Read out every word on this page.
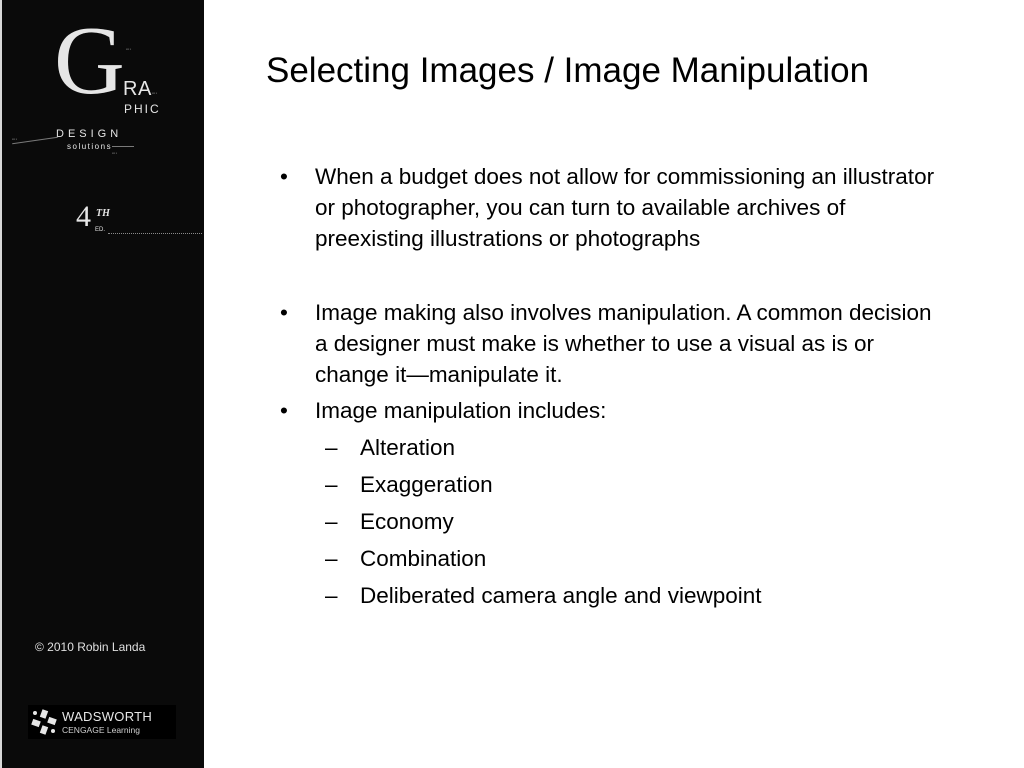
G
RA
PHIC
DESIGN
solutions
▪▪▪ ▪
▪▪▪ ▪
▪▪▪ ▪
▪▪▪ ▪
4 TH
ED.
© 2010 Robin Landa
WADSWORTH
CENGAGE Learning
Selecting Images / Image Manipulation
• When a budget does not allow for commissioning an illustrator or photographer, you can turn to available archives of preexisting illustrations or photographs
• Image making also involves manipulation. A common decision a designer must make is whether to use a visual as is or change it—manipulate it.
• Image manipulation includes:
– Alteration
– Exaggeration
– Economy
– Combination
– Deliberated camera angle and viewpoint
